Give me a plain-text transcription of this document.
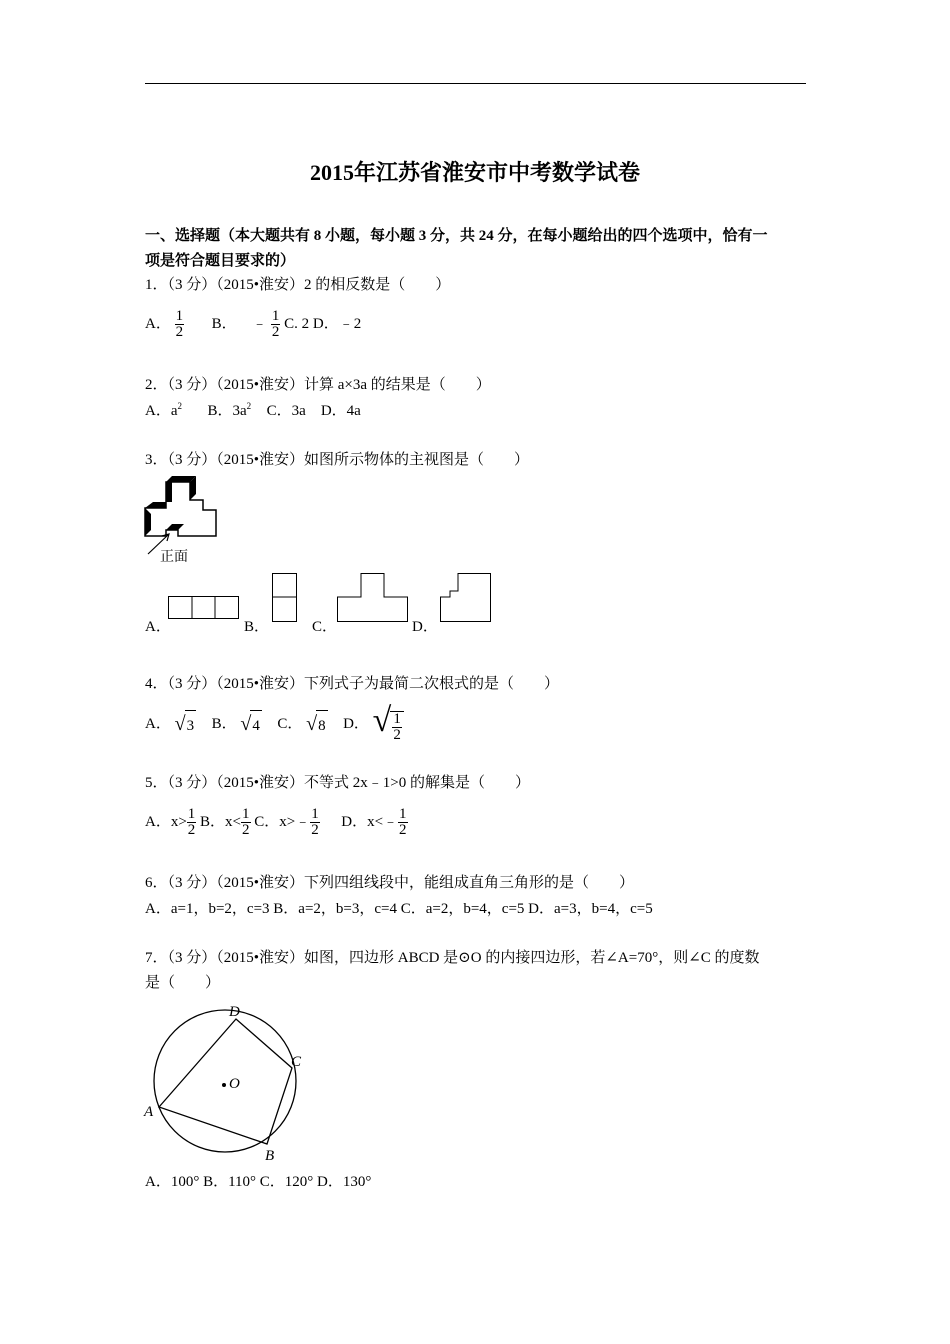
2015年江苏省淮安市中考数学试卷
一、选择题（本大题共有 8 小题，每小题 3 分，共 24 分，在每小题给出的四个选项中，恰有一
项是符合题目要求的）
1．（3 分）（2015•淮安）2 的相反数是（　　）
A． $\frac{1}{2}$ B． ﹣ $\frac{1}{2} C$. 2 D．﹣2
2．（3 分）（2015•淮安）计算 a×3a 的结果是（　　）
A．$a^2$ B．$3a^2$ C．3a　D．4a
3．（3 分）（2015•淮安）如图所示物体的主视图是（　　）
正面
A．	B．	C．	D．
4．（3 分）（2015•淮安）下列式子为最简二次根式的是（　　）
A． √3 B． √4 C． √8 D． √ $\frac{1}{2}$
5．（3 分）（2015•淮安）不等式 2x﹣1>0 的解集是（　　）
A．$x> \frac{1}{2}$ B．$x< \frac{1}{2}$ C．x>﹣ $\frac{1}{2}$ D．x<﹣ $\frac{1}{2}$
6．（3 分）（2015•淮安）下列四组线段中，能组成直角三角形的是（　　）
A．a=1，b=2，c=3 B．a=2，b=3，c=4 C．a=2，b=4，c=5 D．a=3，b=4，c=5
7．（3 分）（2015•淮安）如图，四边形 ABCD 是⊙O 的内接四边形，若∠A=70°，则∠C 的度数
是（　　）
O
A
B
C
D
A．100° B．110° C．120° D．130°
